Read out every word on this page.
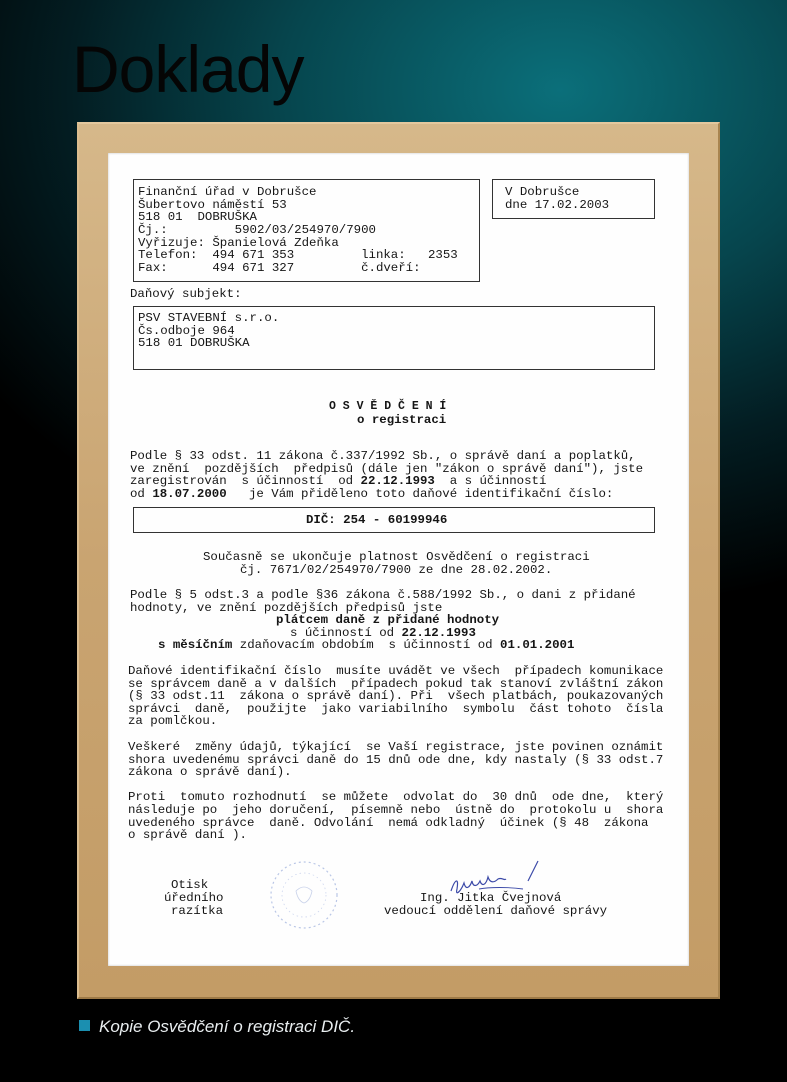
Doklady
Finanční úřad v Dobrušce
Šubertovo náměstí 53
518 01  DOBRUŠKA
Čj.:         5902/03/254970/7900
Vyřizuje: Španielová Zdeňka
Telefon:  494 671 353         linka:   2353
Fax:      494 671 327         č.dveří:
V Dobrušce
dne 17.02.2003
Daňový subjekt:
PSV STAVEBNÍ s.r.o.
Čs.odboje 964
518 01 DOBRUŠKA
O S V Ě D Č E N Í
o registraci
Podle § 33 odst. 11 zákona č.337/1992 Sb., o správě daní a poplatků,
ve znění  pozdějších  předpisů (dále jen "zákon o správě daní"), jste
zaregistrován  s účinností  od 22.12.1993  a s účinností
od 18.07.2000   je Vám přiděleno toto daňové identifikační číslo:
DIČ: 254 - 60199946
Současně se ukončuje platnost Osvědčení o registraci
čj. 7671/02/254970/7900 ze dne 28.02.2002.
Podle § 5 odst.3 a podle §36 zákona č.588/1992 Sb., o dani z přidané
hodnoty, ve znění pozdějších předpisů jste
plátcem daně z přidané hodnoty
s účinností od 22.12.1993
s měsíčním zdaňovacím obdobím  s účinností od 01.01.2001
Daňové identifikační číslo  musíte uvádět ve všech  případech komunikace
se správcem daně a v dalších  případech pokud tak stanoví zvláštní zákon
(§ 33 odst.11  zákona o správě daní). Při  všech platbách, poukazovaných
správci  daně,  použijte  jako variabilního  symbolu  část tohoto  čísla
za pomlčkou.
Veškeré  změny údajů, týkající  se Vaší registrace, jste povinen oznámit
shora uvedenému správci daně do 15 dnů ode dne, kdy nastaly (§ 33 odst.7
zákona o správě daní).
Proti  tomuto rozhodnutí  se můžete  odvolat do  30 dnů  ode dne,  který
následuje po  jeho doručení,  písemně nebo  ústně do  protokolu u  shora
uvedeného správce  daně. Odvolání  nemá odkladný  účinek (§ 48  zákona
o správě daní ).
Otisk
úředního
razítka
Ing. Jitka Čvejnová
vedoucí oddělení daňové správy
Kopie Osvědčení o registraci DIČ.
